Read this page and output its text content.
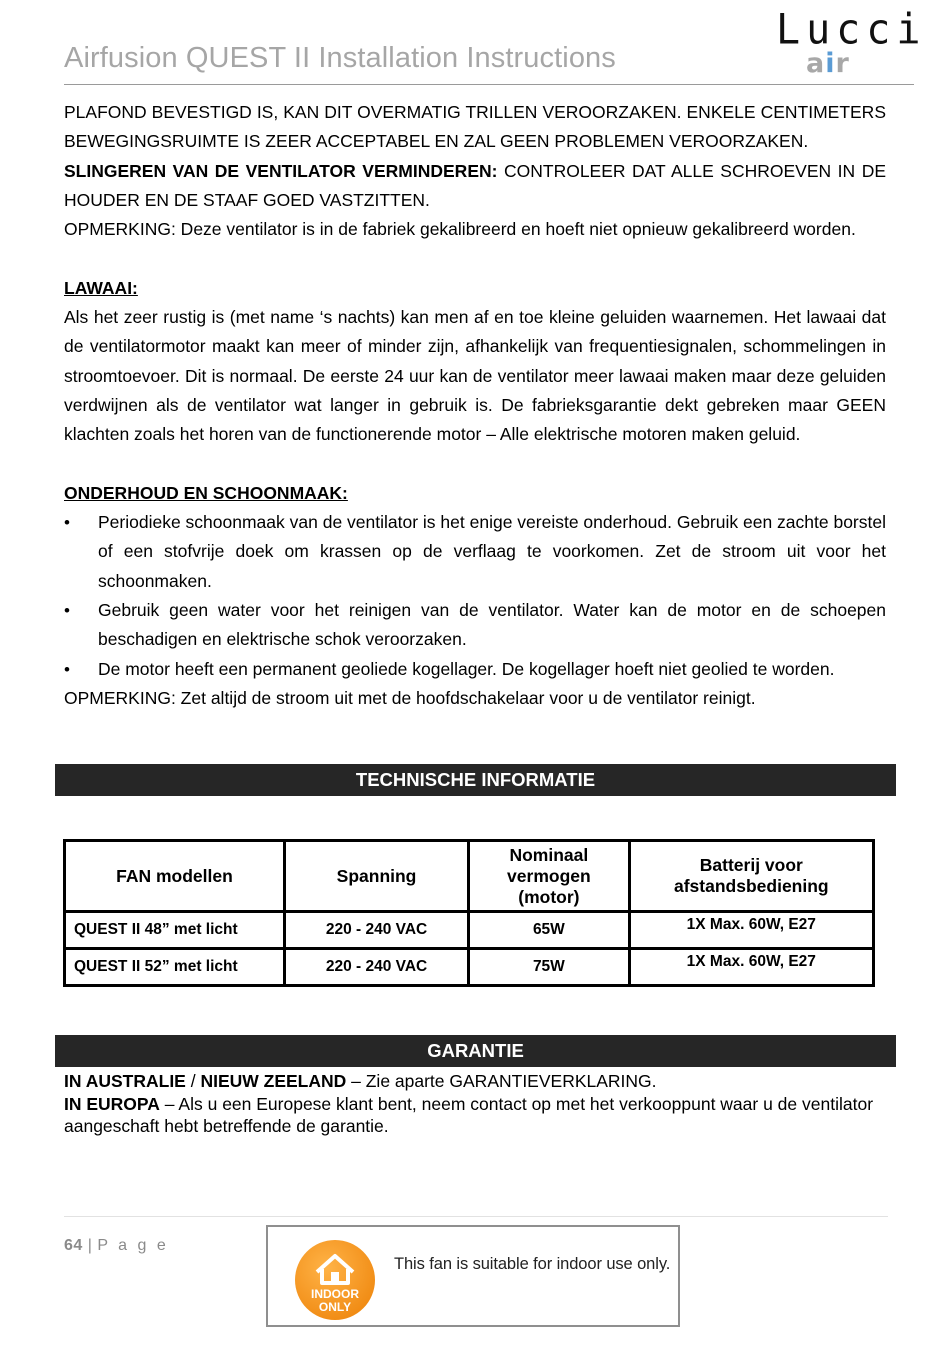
Airfusion QUEST II Installation Instructions
Lucci
air

PLAFOND BEVESTIGD IS, KAN DIT OVERMATIG TRILLEN VEROORZAKEN. ENKELE CENTIMETERS BEWEGINGSRUIMTE IS ZEER ACCEPTABEL EN ZAL GEEN PROBLEMEN VEROORZAKEN.

SLINGEREN VAN DE VENTILATOR VERMINDEREN: CONTROLEER DAT ALLE SCHROEVEN IN DE HOUDER EN DE STAAF GOED VASTZITTEN.

OPMERKING: Deze ventilator is in de fabriek gekalibreerd en hoeft niet opnieuw gekalibreerd worden.

LAWAAI:

Als het zeer rustig is (met name ‘s nachts) kan men af en toe kleine geluiden waarnemen. Het lawaai dat de ventilatormotor maakt kan meer of minder zijn, afhankelijk van frequentiesignalen, schommelingen in stroomtoevoer. Dit is normaal. De eerste 24 uur kan de ventilator meer lawaai maken maar deze geluiden verdwijnen als de ventilator wat langer in gebruik is. De fabrieksgarantie dekt gebreken maar GEEN klachten zoals het horen van de functionerende motor – Alle elektrische motoren maken geluid.

ONDERHOUD EN SCHOONMAAK:

• Periodieke schoonmaak van de ventilator is het enige vereiste onderhoud. Gebruik een zachte borstel of een stofvrije doek om krassen op de verflaag te voorkomen. Zet de stroom uit voor het schoonmaken.
• Gebruik geen water voor het reinigen van de ventilator. Water kan de motor en de schoepen beschadigen en elektrische schok veroorzaken.
• De motor heeft een permanent geoliede kogellager. De kogellager hoeft niet geolied te worden.

OPMERKING: Zet altijd de stroom uit met de hoofdschakelaar voor u de ventilator reinigt.

TECHNISCHE INFORMATIE
FAN modellen	Spanning	Nominaal vermogen (motor)	Batterij voor afstandsbediening
QUEST II 48” met licht	220 - 240 VAC	65W	1X Max. 60W, E27
QUEST II 52” met licht	220 - 240 VAC	75W	1X Max. 60W, E27
GARANTIE

IN AUSTRALIE / NIEUW ZEELAND – Zie aparte GARANTIEVERKLARING.

IN EUROPA – Als u een Europese klant bent, neem contact op met het verkooppunt waar u de ventilator aangeschaft hebt betreffende de garantie.

64 | P a g e
INDOOR
ONLY
This fan is suitable for indoor use only.
